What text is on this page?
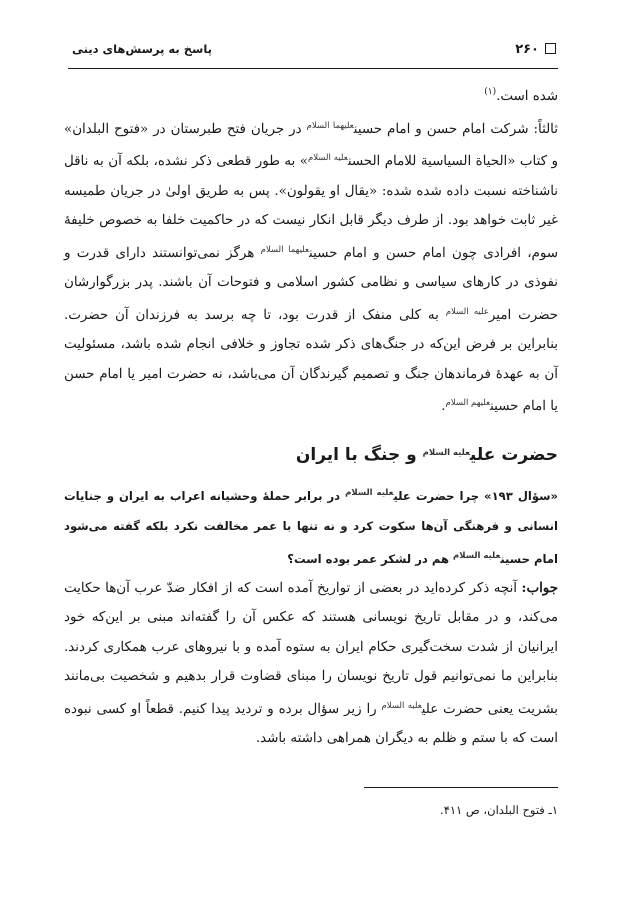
۲۶۰
پاسخ به پرسش‌های دینی

شده است.$^{(۱)}$

ثالثاً: شرکت امام حسن و امام حسین$^{علیهما السلام}$ در جریان فتح طبرستان در «فتوح البلدان» و کتاب «الحیاة السیاسیة للامام الحسن$^{علیه السلام}$» به طور قطعی ذکر نشده، بلکه آن به ناقل ناشناخته نسبت داده شده شده: «یقال او یقولون». پس به طریق اولیٰ در جریان طمیسه غیر ثابت خواهد بود. از طرف دیگر قابل انکار نیست که در حاکمیت خلفا به خصوص خلیفهٔ سوم، افرادی چون امام حسن و امام حسین$^{علیهما السلام}$ هرگز نمی‌توانستند دارای قدرت و نفوذی در کارهای سیاسی و نظامی کشور اسلامی و فتوحات آن باشند. پدر بزرگوارشان حضرت امیر$^{علیه السلام}$ به کلی منفک از قدرت بود، تا چه برسد به فرزندان آن حضرت. بنابراین بر فرض این‌که در جنگ‌های ذکر شده تجاوز و خلافی انجام شده باشد، مسئولیت آن به عهدهٔ فرماندهان جنگ و تصمیم گیرندگان آن می‌باشد، نه حضرت امیر یا امام حسن یا امام حسین$^{علیهم السلام}$.

حضرت علی$^{علیه السلام}$ و جنگ با ایران

«سؤال ۱۹۳» چرا حضرت علی$^{علیه السلام}$ در برابر حملهٔ وحشیانه اعراب به ایران و جنایات انسانی و فرهنگی آن‌ها سکوت کرد و نه تنها با عمر مخالفت نکرد بلکه گفته می‌شود امام حسین$^{علیه السلام}$ هم در لشکر عمر بوده است؟

جواب: آنچه ذکر کرده‌اید در بعضی از تواریخ آمده است که از افکار ضدّ عرب آن‌ها حکایت می‌کند، و در مقابل تاریخ نویسانی هستند که عکس آن را گفته‌اند مبنی بر این‌که خود ایرانیان از شدت سخت‌گیری حکام ایران به ستوه آمده و با نیروهای عرب همکاری کردند. بنابراین ما نمی‌توانیم قول تاریخ نویسان را مبنای قضاوت قرار بدهیم و شخصیت بی‌مانند بشریت یعنی حضرت علی$^{علیه السلام}$ را زیر سؤال برده و تردید پیدا کنیم. قطعاً او کسی نبوده است که با ستم و ظلم به دیگران همراهی داشته باشد.

۱ـ فتوح البلدان، ص ۴۱۱.
